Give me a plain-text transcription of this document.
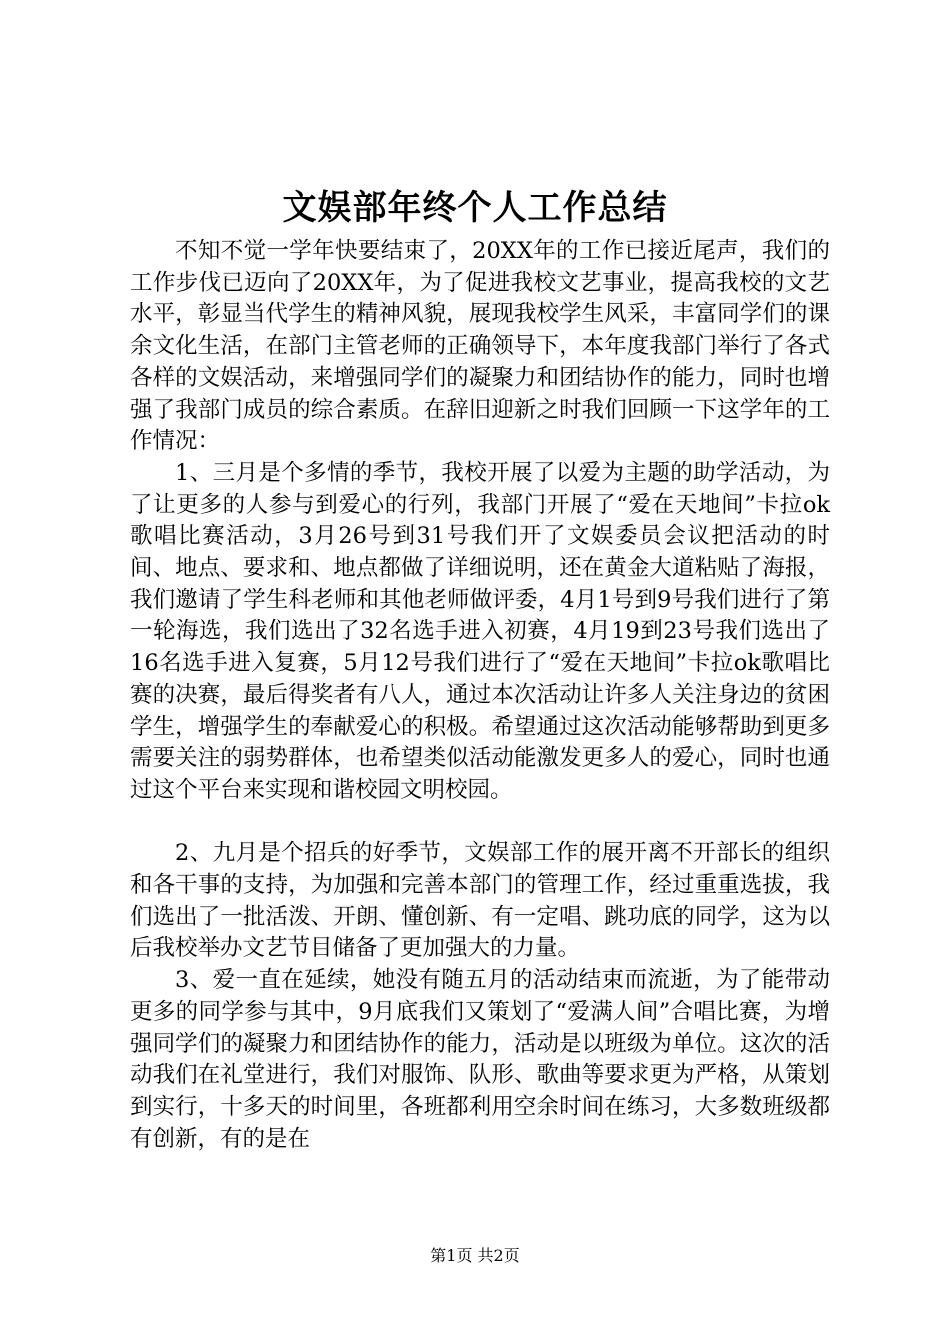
文娱部年终个人工作总结

不知不觉一学年快要结束了，20XX年的工作已接近尾声，我们的工作步伐已迈向了20XX年，为了促进我校文艺事业，提高我校的文艺水平，彰显当代学生的精神风貌，展现我校学生风采，丰富同学们的课余文化生活，在部门主管老师的正确领导下，本年度我部门举行了各式各样的文娱活动，来增强同学们的凝聚力和团结协作的能力，同时也增强了我部门成员的综合素质。在辞旧迎新之时我们回顾一下这学年的工作情况：

1、三月是个多情的季节，我校开展了以爱为主题的助学活动，为了让更多的人参与到爱心的行列，我部门开展了“爱在天地间”卡拉ok歌唱比赛活动，3月26号到31号我们开了文娱委员会议把活动的时间、地点、要求和、地点都做了详细说明，还在黄金大道粘贴了海报，我们邀请了学生科老师和其他老师做评委，4月1号到9号我们进行了第一轮海选，我们选出了32名选手进入初赛，4月19到23号我们选出了16名选手进入复赛，5月12号我们进行了“爱在天地间”卡拉ok歌唱比赛的决赛，最后得奖者有八人，通过本次活动让许多人关注身边的贫困学生，增强学生的奉献爱心的积极。希望通过这次活动能够帮助到更多需要关注的弱势群体，也希望类似活动能激发更多人的爱心，同时也通过这个平台来实现和谐校园文明校园。

2、九月是个招兵的好季节，文娱部工作的展开离不开部长的组织和各干事的支持，为加强和完善本部门的管理工作，经过重重选拔，我们选出了一批活泼、开朗、懂创新、有一定唱、跳功底的同学，这为以后我校举办文艺节目储备了更加强大的力量。

3、爱一直在延续，她没有随五月的活动结束而流逝，为了能带动更多的同学参与其中，9月底我们又策划了“爱满人间”合唱比赛，为增强同学们的凝聚力和团结协作的能力，活动是以班级为单位。这次的活动我们在礼堂进行，我们对服饰、队形、歌曲等要求更为严格，从策划到实行，十多天的时间里，各班都利用空余时间在练习，大多数班级都有创新，有的是在

第1页 共2页
